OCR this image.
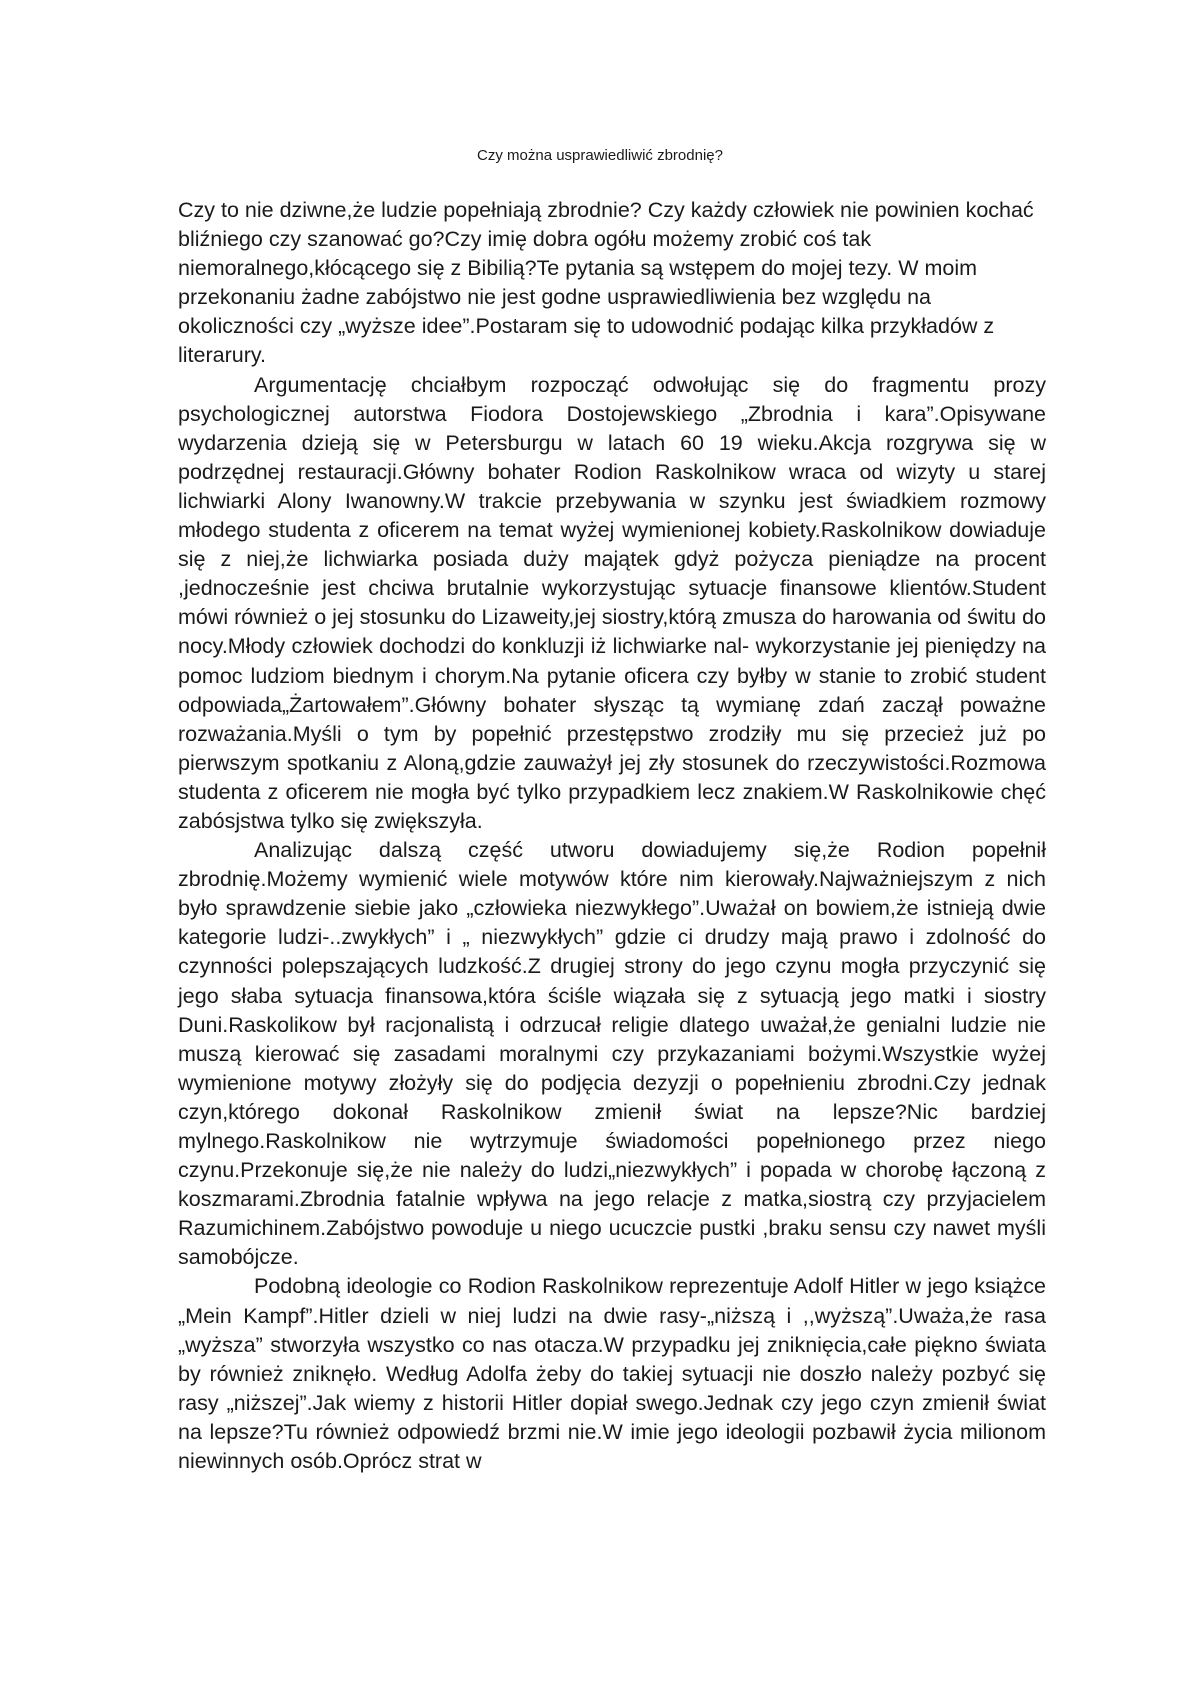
Czy można usprawiedliwić zbrodnię?

Czy to nie dziwne,że ludzie popełniają zbrodnie? Czy każdy człowiek nie powinien kochać bliźniego czy szanować go?Czy imię dobra ogółu możemy zrobić coś tak niemoralnego,kłócącego się z Bibilią?Te pytania są wstępem do mojej tezy. W moim przekonaniu żadne zabójstwo nie jest godne usprawiedliwienia bez względu na okoliczności czy „wyższe idee”.Postaram się to udowodnić podając kilka przykładów z literarury.

Argumentację chciałbym rozpocząć odwołując się do fragmentu prozy psychologicznej autorstwa Fiodora Dostojewskiego „Zbrodnia i kara”.Opisywane wydarzenia dzieją się w Petersburgu w latach 60 19 wieku.Akcja rozgrywa się w podrzędnej restauracji.Główny bohater Rodion Raskolnikow wraca od wizyty u starej lichwiarki Alony Iwanowny.W trakcie przebywania w szynku jest świadkiem rozmowy młodego studenta z oficerem na temat wyżej wymienionej kobiety.Raskolnikow dowiaduje się z niej,że lichwiarka posiada duży majątek gdyż pożycza pieniądze na procent ,jednocześnie jest chciwa brutalnie wykorzystując sytuacje finansowe klientów.Student mówi również o jej stosunku do Lizaweity,jej siostry,którą zmusza do harowania od świtu do nocy.Młody człowiek dochodzi do konkluzji iż lichwiarke nal- wykorzystanie jej pieniędzy na pomoc ludziom biednym i chorym.Na pytanie oficera czy byłby w stanie to zrobić student odpowiada„Żartowałem”.Główny bohater słysząc tą wymianę zdań zaczął poważne rozważania.Myśli o tym by popełnić przestępstwo zrodziły mu się przecież już po pierwszym spotkaniu z Aloną,gdzie zauważył jej zły stosunek do rzeczywistości.Rozmowa studenta z oficerem nie mogła być tylko przypadkiem lecz znakiem.W Raskolnikowie chęć zabósjstwa tylko się zwiększyła.

Analizując dalszą część utworu dowiadujemy się,że Rodion popełnił zbrodnię.Możemy wymienić wiele motywów które nim kierowały.Najważniejszym z nich było sprawdzenie siebie jako „człowieka niezwykłego”.Uważał on bowiem,że istnieją dwie kategorie ludzi-..zwykłych” i „ niezwykłych” gdzie ci drudzy mają prawo i zdolność do czynności polepszających ludzkość.Z drugiej strony do jego czynu mogła przyczynić się jego słaba sytuacja finansowa,która ściśle wiązała się z sytuacją jego matki i siostry Duni.Raskolikow był racjonalistą i odrzucał religie dlatego uważał,że genialni ludzie nie muszą kierować się zasadami moralnymi czy przykazaniami bożymi.Wszystkie wyżej wymienione motywy złożyły się do podjęcia dezyzji o popełnieniu zbrodni.Czy jednak czyn,którego dokonał Raskolnikow zmienił świat na lepsze?Nic bardziej mylnego.Raskolnikow nie wytrzymuje świadomości popełnionego przez niego czynu.Przekonuje się,że nie należy do ludzi„niezwykłych” i popada w chorobę łączoną z koszmarami.Zbrodnia fatalnie wpływa na jego relacje z matka,siostrą czy przyjacielem Razumichinem.Zabójstwo powoduje u niego ucuczcie pustki ,braku sensu czy nawet myśli samobójcze.

Podobną ideologie co Rodion Raskolnikow reprezentuje Adolf Hitler w jego książce „Mein Kampf”.Hitler dzieli w niej ludzi na dwie rasy-„niższą i ,,wyższą”.Uważa,że rasa „wyższa” stworzyła wszystko co nas otacza.W przypadku jej zniknięcia,całe piękno świata by również zniknęło. Według Adolfa żeby do takiej sytuacji nie doszło należy pozbyć się rasy „niższej”.Jak wiemy z historii Hitler dopiał swego.Jednak czy jego czyn zmienił świat na lepsze?Tu również odpowiedź brzmi nie.W imie jego ideologii pozbawił życia milionom niewinnych osób.Oprócz strat w
